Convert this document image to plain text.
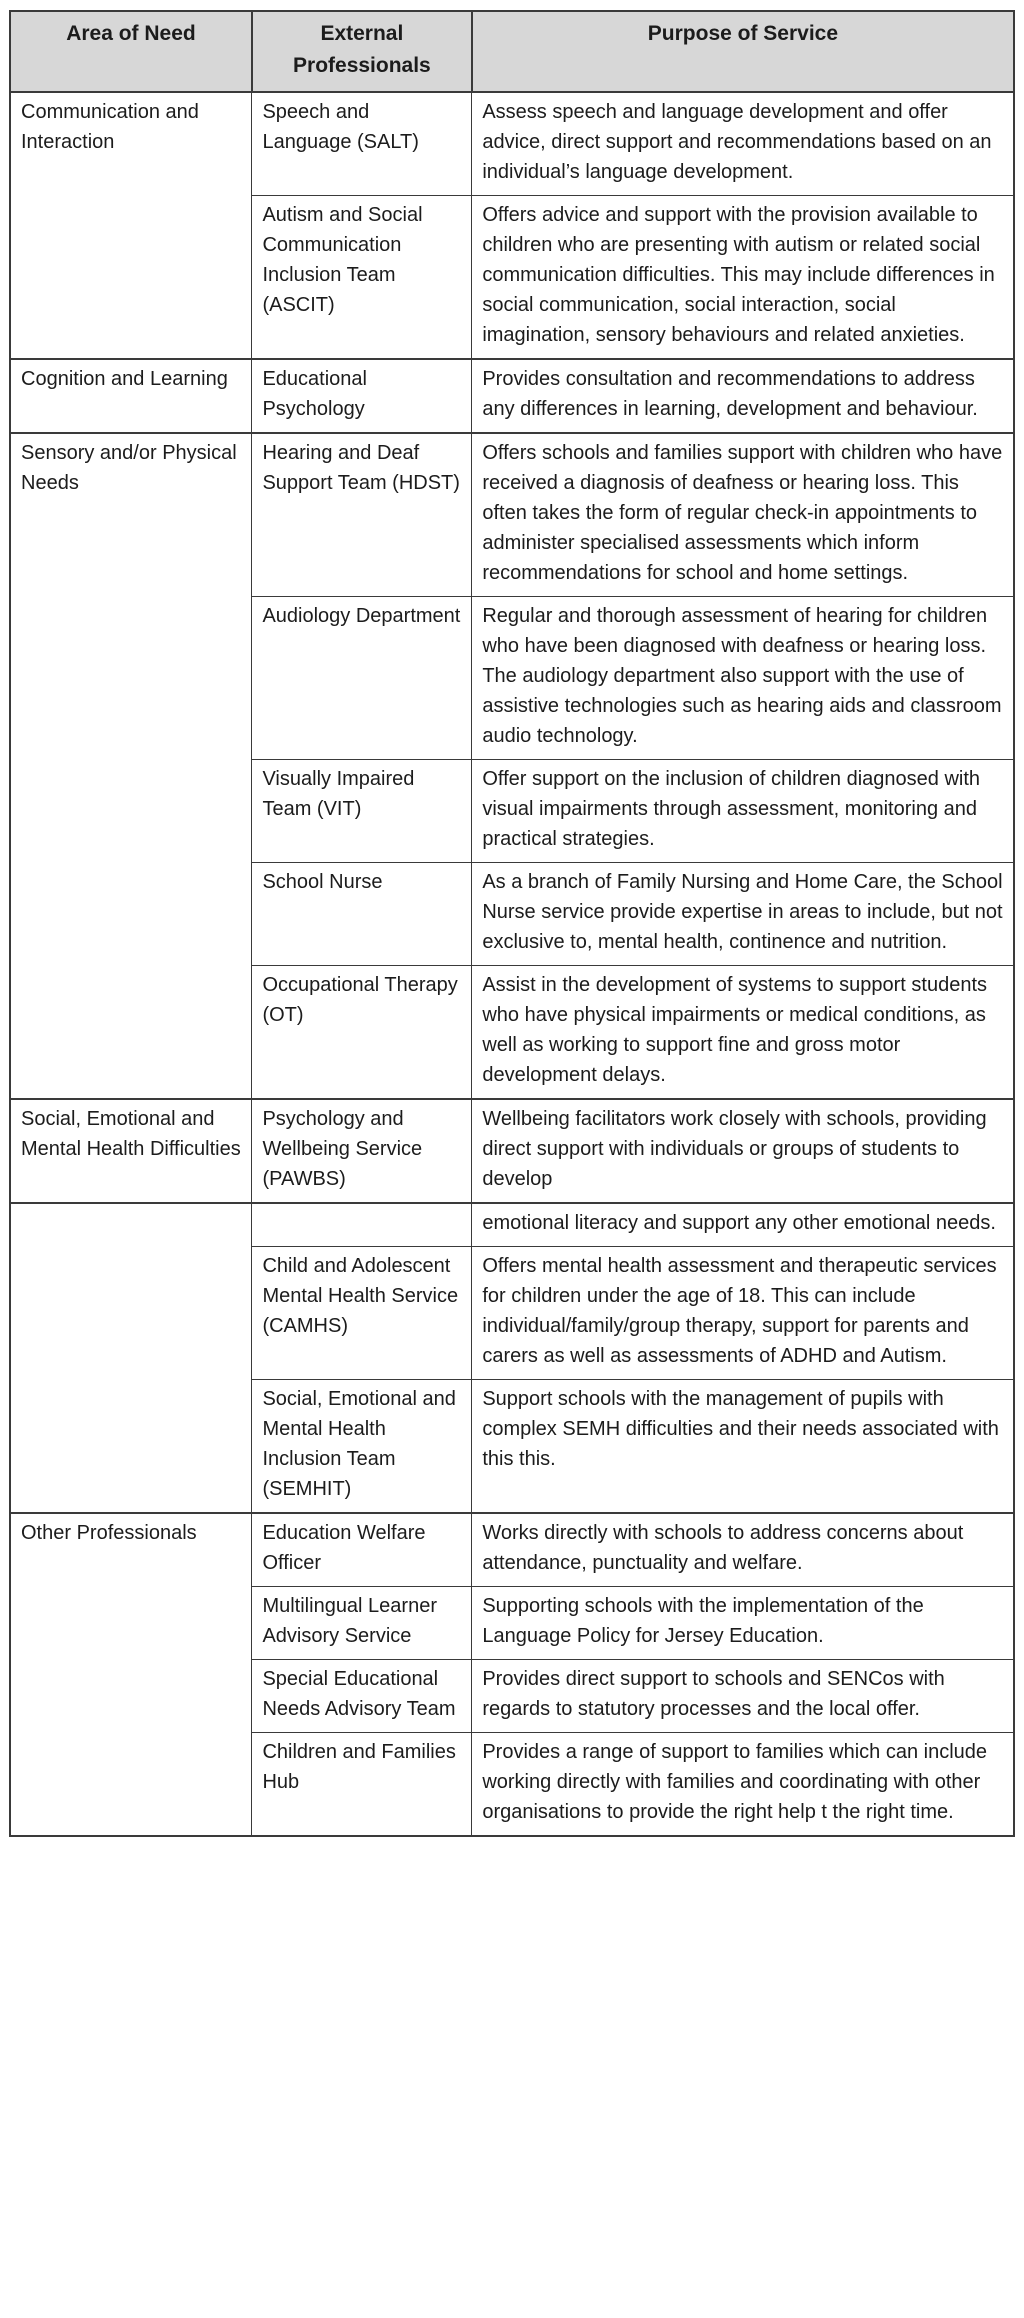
Area of Need	External Professionals	Purpose of Service
Communication and Interaction	Speech and Language (SALT)	Assess speech and language development and offer advice, direct support and recommendations based on an individual’s language development.
	Autism and Social Communication Inclusion Team (ASCIT)	Offers advice and support with the provision available to children who are presenting with autism or related social communication difficulties. This may include differences in social communication, social interaction, social imagination, sensory behaviours and related anxieties.
Cognition and Learning	Educational Psychology	Provides consultation and recommendations to address any differences in learning, development and behaviour.
Sensory and/or Physical Needs	Hearing and Deaf Support Team (HDST)	Offers schools and families support with children who have received a diagnosis of deafness or hearing loss. This often takes the form of regular check-in appointments to administer specialised assessments which inform recommendations for school and home settings.
	Audiology Department	Regular and thorough assessment of hearing for children who have been diagnosed with deafness or hearing loss. The audiology department also support with the use of assistive technologies such as hearing aids and classroom audio technology.
	Visually Impaired Team (VIT)	Offer support on the inclusion of children diagnosed with visual impairments through assessment, monitoring and practical strategies.
	School Nurse	As a branch of Family Nursing and Home Care, the School Nurse service provide expertise in areas to include, but not exclusive to, mental health, continence and nutrition.
	Occupational Therapy (OT)	Assist in the development of systems to support students who have physical impairments or medical conditions, as well as working to support fine and gross motor development delays.
Social, Emotional and Mental Health Difficulties	Psychology and Wellbeing Service (PAWBS)	Wellbeing facilitators work closely with schools, providing direct support with individuals or groups of students to develop
		emotional literacy and support any other emotional needs.
	Child and Adolescent Mental Health Service (CAMHS)	Offers mental health assessment and therapeutic services for children under the age of 18. This can include individual/family/group therapy, support for parents and carers as well as assessments of ADHD and Autism.
	Social, Emotional and Mental Health Inclusion Team (SEMHIT)	Support schools with the management of pupils with complex SEMH difficulties and their needs associated with this this.
Other Professionals	Education Welfare Officer	Works directly with schools to address concerns about attendance, punctuality and welfare.
	Multilingual Learner Advisory Service	Supporting schools with the implementation of the Language Policy for Jersey Education.
	Special Educational Needs Advisory Team	Provides direct support to schools and SENCos with regards to statutory processes and the local offer.
	Children and Families Hub	Provides a range of support to families which can include working directly with families and coordinating with other organisations to provide the right help t the right time.
